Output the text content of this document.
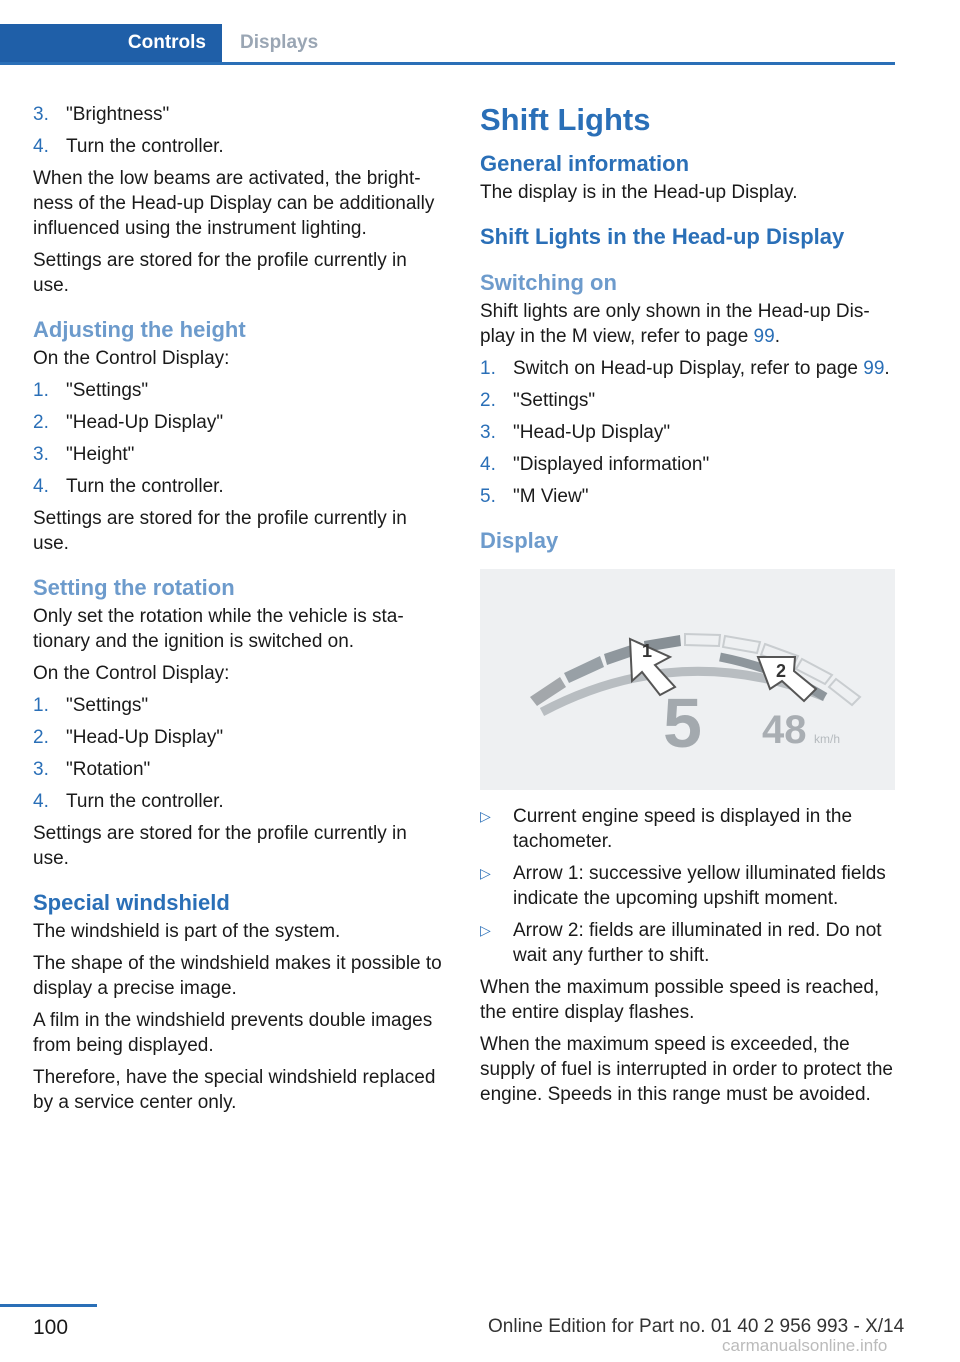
Controls	Displays
3. "Brightness"
4. Turn the controller.

When the low beams are activated, the brightness of the Head-up Display can be additionally influenced using the instrument lighting.

Settings are stored for the profile currently in use.

Adjusting the height

On the Control Display:

1. "Settings"
2. "Head-Up Display"
3. "Height"
4. Turn the controller.

Settings are stored for the profile currently in use.

Setting the rotation

Only set the rotation while the vehicle is stationary and the ignition is switched on.

On the Control Display:

1. "Settings"
2. "Head-Up Display"
3. "Rotation"
4. Turn the controller.

Settings are stored for the profile currently in use.

Special windshield

The windshield is part of the system.

The shape of the windshield makes it possible to display a precise image.

A film in the windshield prevents double images from being displayed.

Therefore, have the special windshield replaced by a service center only.

Shift Lights
General information

The display is in the Head-up Display.

Shift Lights in the Head-up Display
Switching on

Shift lights are only shown in the Head-up Display in the M view, refer to page 99.

1. Switch on Head-up Display, refer to page 99.
2. "Settings"
3. "Head-Up Display"
4. "Displayed information"
5. "M View"
Display
1
2
5 48 km/h
▷	Current engine speed is displayed in the tachometer.
▷	Arrow 1: successive yellow illuminated fields indicate the upcoming upshift moment.
▷	Arrow 2: fields are illuminated in red. Do not wait any further to shift.

When the maximum possible speed is reached, the entire display flashes.

When the maximum speed is exceeded, the supply of fuel is interrupted in order to protect the engine. Speeds in this range must be avoided.

100	Online Edition for Part no. 01 40 2 956 993 - X/14
carmanualsonline.info
